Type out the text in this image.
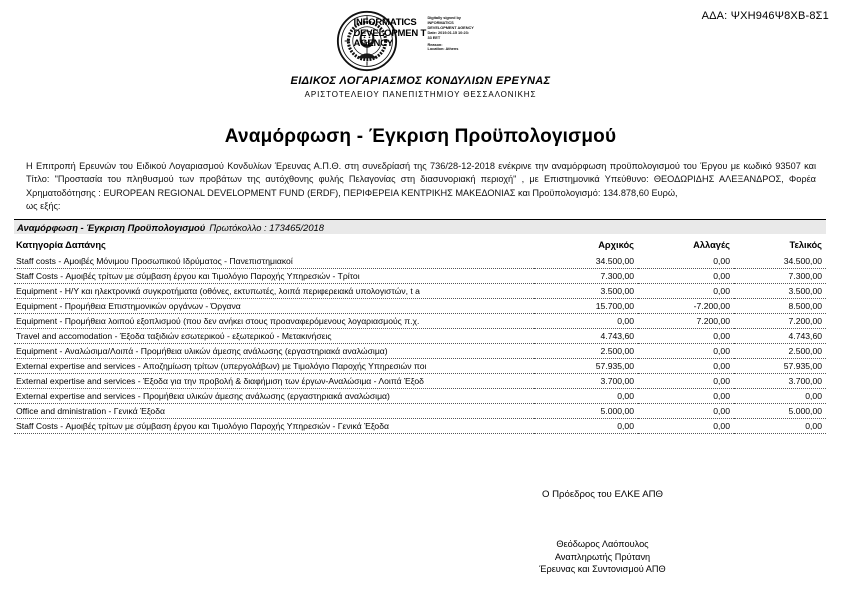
ΑΔΑ: ΨΧΗ946Ψ8ΧΒ-8Σ1
INFORMATICS DEVELOPMEN T AGENCY
Digitally signed by
INFORMATICS
DEVELOPMENT AGENCY
Date: 2019.01.15 10:23:
33 EET
Reason:
Location: Athens
ΕΙΔΙΚΟΣ ΛΟΓΑΡΙΑΣΜΟΣ ΚΟΝΔΥΛΙΩΝ ΕΡΕΥΝΑΣ
ΑΡΙΣΤΟΤΕΛΕΙΟΥ ΠΑΝΕΠΙΣΤΗΜΙΟΥ ΘΕΣΣΑΛΟΝΙΚΗΣ
Αναμόρφωση - Έγκριση Προϋπολογισμού
Η Επιτροπή Ερευνών του Ειδικού Λογαριασμού Κονδυλίων Έρευνας Α.Π.Θ. στη συνεδρίασή της 736/28-12-2018 ενέκρινε την αναμόρφωση προϋπολογισμού του Έργου με κωδικό 93507 και Τίτλο: "Προστασία του πληθυσμού των προβάτων της αυτόχθονης φυλής Πελαγονίας στη διασυνοριακή περιοχή" , με Επιστημονικά Υπεύθυνο: ΘΕΟΔΩΡΙΔΗΣ ΑΛΕΞΑΝΔΡΟΣ, Φορέα Χρηματοδότησης : EUROPEAN REGIONAL DEVELOPMENT FUND (ERDF), ΠΕΡΙΦΕΡΕΙΑ ΚΕΝΤΡΙΚΗΣ ΜΑΚΕΔΟΝΙΑΣ και Προϋπολογισμό: 134.878,60 Ευρώ,
ως εξής:
Αναμόρφωση - Έγκριση Προϋπολογισμού Πρωτόκολλο : 173465/2018
Κατηγορία Δαπάνης	Αρχικός	Αλλαγές	Τελικός
Staff costs - Αμοιβές Μόνιμου Προσωπικού Ιδρύματος - Πανεπιστημιακοί	34.500,00	0,00	34.500,00
Staff Costs - Αμοιβές τρίτων με σύμβαση έργου και Τιμολόγιο Παροχής Υπηρεσιών - Τρίτοι	7.300,00	0,00	7.300,00
Equipment - Η/Υ και ηλεκτρονικά συγκροτήματα (οθόνες, εκτυπωτές, λοιπά περιφερειακά υπολογιστών, t a	3.500,00	0,00	3.500,00
Equipment - Προμήθεια Επιστημονικών οργάνων - Όργανα	15.700,00	-7.200,00	8.500,00
Equipment - Προμήθεια λοιπού εξοπλισμού (που δεν ανήκει στους προαναφερόμενους λογαριασμούς π.χ.	0,00	7.200,00	7.200,00
Travel and accomodation - Έξοδα ταξιδιών εσωτερικού - εξωτερικού - Μετακινήσεις	4.743,60	0,00	4.743,60
Equipment - Αναλώσιμα/Λοιπά - Προμήθεια υλικών άμεσης ανάλωσης (εργαστηριακά αναλώσιμα)	2.500,00	0,00	2.500,00
External expertise and services - Αποζημίωση τρίτων (υπεργολάβων) με Τιμολόγιο Παροχής Υπηρεσιών ποι	57.935,00	0,00	57.935,00
External expertise and services - Έξοδα για την προβολή & διαφήμιση των έργων-Αναλώσιμα - Λοιπά Έξοδ	3.700,00	0,00	3.700,00
External expertise and services - Προμήθεια υλικών άμεσης ανάλωσης (εργαστηριακά αναλώσιμα)	0,00	0,00	0,00
Office and dministration - Γενικά Έξοδα	5.000,00	0,00	5.000,00
Staff Costs - Αμοιβές τρίτων με σύμβαση έργου και Τιμολόγιο Παροχής Υπηρεσιών - Γενικά Έξοδα	0,00	0,00	0,00
Ο Πρόεδρος του ΕΛΚΕ ΑΠΘ
Θεόδωρος Λαόπουλος
Αναπληρωτής Πρύτανη
Έρευνας και Συντονισμού ΑΠΘ
